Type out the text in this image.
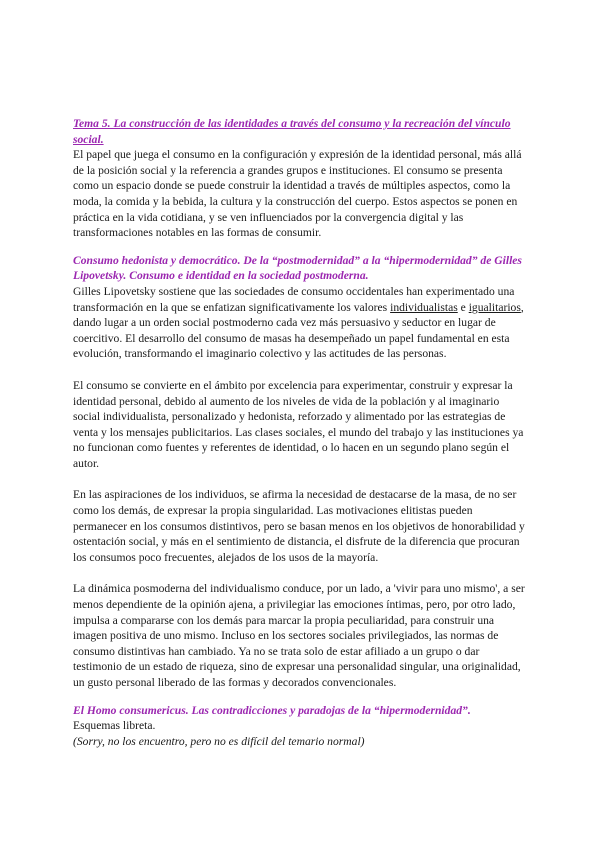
Tema 5. La construcción de las identidades a través del consumo y la recreación del vínculo social.

El papel que juega el consumo en la configuración y expresión de la identidad personal, más allá de la posición social y la referencia a grandes grupos e instituciones. El consumo se presenta como un espacio donde se puede construir la identidad a través de múltiples aspectos, como la moda, la comida y la bebida, la cultura y la construcción del cuerpo. Estos aspectos se ponen en práctica en la vida cotidiana, y se ven influenciados por la convergencia digital y las transformaciones notables en las formas de consumir.

Consumo hedonista y democrático. De la “postmodernidad” a la “hipermodernidad” de Gilles Lipovetsky. Consumo e identidad en la sociedad postmoderna.

Gilles Lipovetsky sostiene que las sociedades de consumo occidentales han experimentado una transformación en la que se enfatizan significativamente los valores individualistas e igualitarios, dando lugar a un orden social postmoderno cada vez más persuasivo y seductor en lugar de coercitivo. El desarrollo del consumo de masas ha desempeñado un papel fundamental en esta evolución, transformando el imaginario colectivo y las actitudes de las personas.

El consumo se convierte en el ámbito por excelencia para experimentar, construir y expresar la identidad personal, debido al aumento de los niveles de vida de la población y al imaginario social individualista, personalizado y hedonista, reforzado y alimentado por las estrategias de venta y los mensajes publicitarios. Las clases sociales, el mundo del trabajo y las instituciones ya no funcionan como fuentes y referentes de identidad, o lo hacen en un segundo plano según el autor.

En las aspiraciones de los individuos, se afirma la necesidad de destacarse de la masa, de no ser como los demás, de expresar la propia singularidad. Las motivaciones elitistas pueden permanecer en los consumos distintivos, pero se basan menos en los objetivos de honorabilidad y ostentación social, y más en el sentimiento de distancia, el disfrute de la diferencia que procuran los consumos poco frecuentes, alejados de los usos de la mayoría.

La dinámica posmoderna del individualismo conduce, por un lado, a 'vivir para uno mismo', a ser menos dependiente de la opinión ajena, a privilegiar las emociones íntimas, pero, por otro lado, impulsa a compararse con los demás para marcar la propia peculiaridad, para construir una imagen positiva de uno mismo. Incluso en los sectores sociales privilegiados, las normas de consumo distintivas han cambiado. Ya no se trata solo de estar afiliado a un grupo o dar testimonio de un estado de riqueza, sino de expresar una personalidad singular, una originalidad, un gusto personal liberado de las formas y decorados convencionales.

El Homo consumericus. Las contradicciones y paradojas de la “hipermodernidad”.

Esquemas libreta.

(Sorry, no los encuentro, pero no es difícil del temario normal)
